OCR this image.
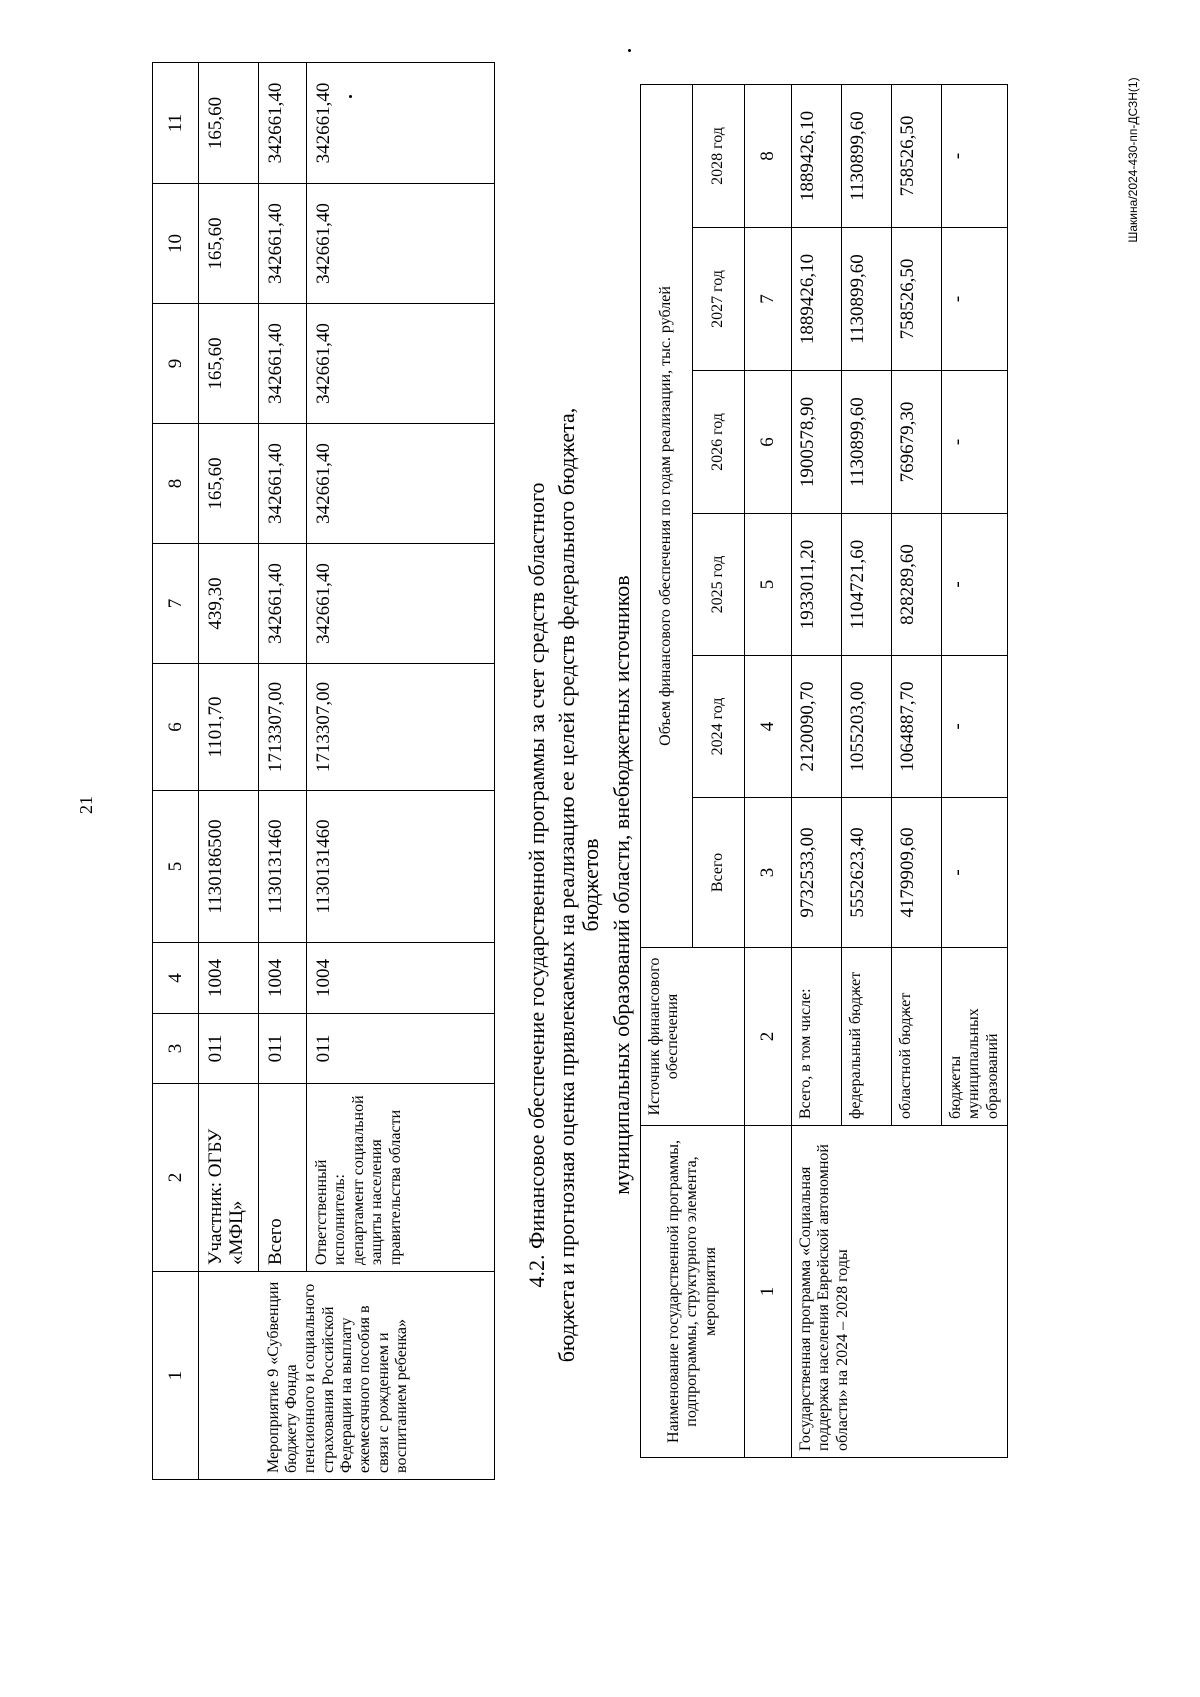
21
Шакина/2024-430-пп-ДСЗН(1)
1	2	3	4	5	6	7	8	9	10	11
	Участник: ОГБУ «МФЦ»	011	1004	1130186500	1101,70	439,30	165,60	165,60	165,60	165,60
Мероприятие 9 «Субвенции бюджету Фонда пенсионного и социального страхования Российской Федерации на выплату ежемесячного пособия в связи с рождением и воспитанием ребенка»	Всего	011	1004	1130131460	1713307,00	342661,40	342661,40	342661,40	342661,40	342661,40
	Ответственный исполнитель: департамент социальной защиты населения правительства области	011	1004	1130131460	1713307,00	342661,40	342661,40	342661,40	342661,40	342661,40
4.2. Финансовое обеспечение государственной программы за счет средств областного бюджета и прогнозная оценка привлекаемых на реализацию ее целей средств федерального бюджета, бюджетов муниципальных образований области, внебюджетных источников
Наименование государственной программы, подпрограммы, структурного элемента, мероприятия	Источник финансового обеспечения	Объем финансового обеспечения по годам реализации, тыс. рублей					
		Всего	2024 год	2025 год	2026 год	2027 год	2028 год
1	2	3	4	5	6	7	8
Государственная программа «Социальная поддержка населения Еврейской автономной области» на 2024 – 2028 годы	Всего, в том числе:	9732533,00	2120090,70	1933011,20	1900578,90	1889426,10	1889426,10
	федеральный бюджет	5552623,40	1055203,00	1104721,60	1130899,60	1130899,60	1130899,60
	областной бюджет	4179909,60	1064887,70	828289,60	769679,30	758526,50	758526,50
	бюджеты муниципальных образований	-	-	-	-	-	-
